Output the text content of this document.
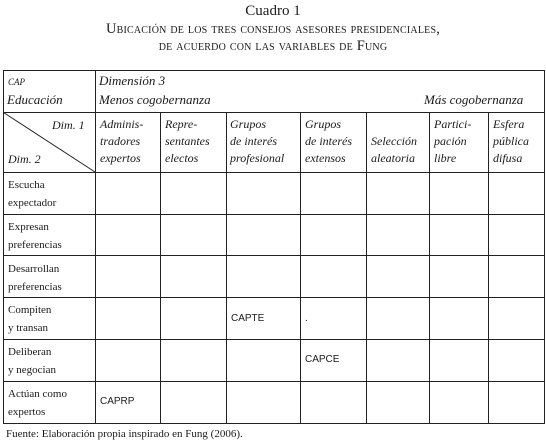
Cuadro 1
Ubicación de los tres consejos asesores presidenciales,
de acuerdo con las variables de Fung
CAP
Educación
Dimensión 3
Menos cogobernanza	Más cogobernanza
Dim. 1
Dim. 2
Adminis-
tradores
expertos
Repre-
sentantes
electos
Grupos
de interés
profesional
Grupos
de interés
extensos

Selección
aleatoria
Partici-
pación
libre
Esfera
pública
difusa
Escucha
expectador
Expresan
preferencias
Desarrollan
preferencias
Compiten
y transan
Deliberan
y negocian
Actúan como
expertos
CAPTE	.
CAPCE
CAPRP
Fuente: Elaboración propia inspirado en Fung (2006).
